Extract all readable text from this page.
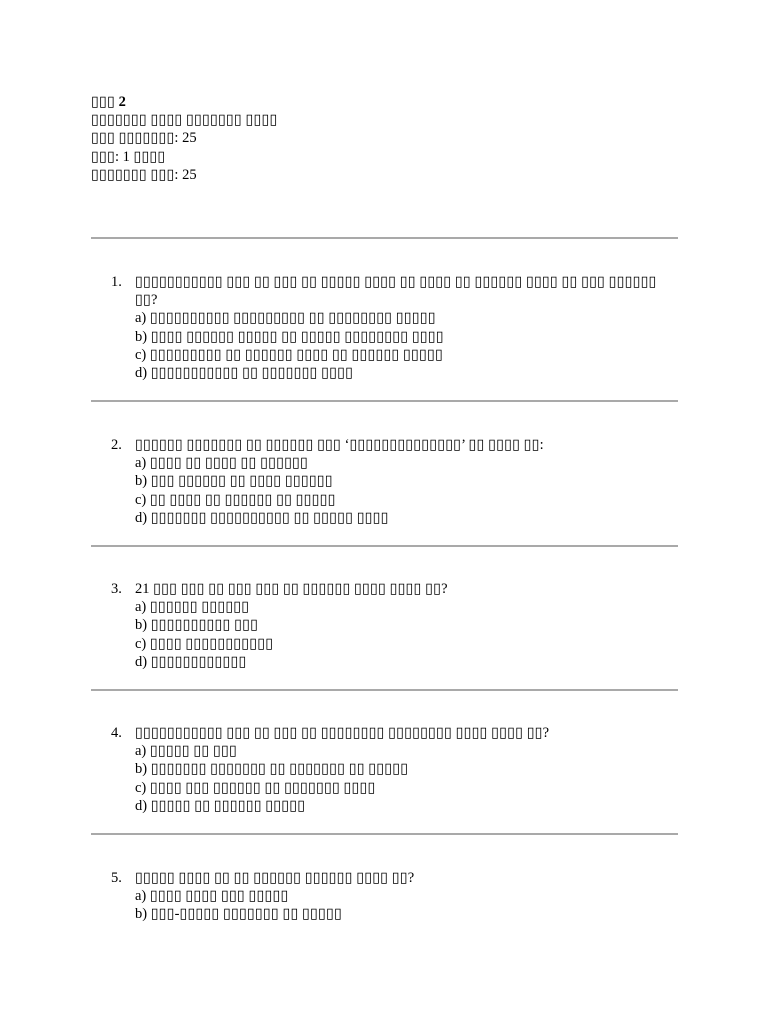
▯▯▯ 2
▯▯▯▯▯▯▯ ▯▯▯▯ ▯▯▯▯▯▯▯ ▯▯▯▯
▯▯▯ ▯▯▯▯▯▯▯: 25
▯▯▯: 1 ▯▯▯▯
▯▯▯▯▯▯▯ ▯▯▯: 25
1. ▯▯▯▯▯▯▯▯▯▯▯ ▯▯▯ ▯▯ ▯▯▯ ▯▯ ▯▯▯▯▯ ▯▯▯▯ ▯▯ ▯▯▯▯ ▯▯ ▯▯▯▯▯▯ ▯▯▯▯ ▯▯ ▯▯▯ ▯▯▯▯▯▯ ▯▯?
a) ▯▯▯▯▯▯▯▯▯▯ ▯▯▯▯▯▯▯▯▯ ▯▯ ▯▯▯▯▯▯▯▯ ▯▯▯▯▯
b) ▯▯▯▯ ▯▯▯▯▯▯ ▯▯▯▯▯ ▯▯ ▯▯▯▯▯ ▯▯▯▯▯▯▯▯ ▯▯▯▯
c) ▯▯▯▯▯▯▯▯▯ ▯▯ ▯▯▯▯▯▯ ▯▯▯▯ ▯▯ ▯▯▯▯▯▯ ▯▯▯▯▯
d) ▯▯▯▯▯▯▯▯▯▯▯ ▯▯ ▯▯▯▯▯▯▯ ▯▯▯▯
2. ▯▯▯▯▯▯ ▯▯▯▯▯▯▯ ▯▯ ▯▯▯▯▯▯ ▯▯▯ ‘▯▯▯▯▯▯▯▯▯▯▯▯▯▯’ ▯▯ ▯▯▯▯ ▯▯:
a) ▯▯▯▯ ▯▯ ▯▯▯▯ ▯▯ ▯▯▯▯▯▯
b) ▯▯▯ ▯▯▯▯▯▯ ▯▯ ▯▯▯▯ ▯▯▯▯▯▯
c) ▯▯ ▯▯▯▯ ▯▯ ▯▯▯▯▯▯ ▯▯ ▯▯▯▯▯
d) ▯▯▯▯▯▯▯ ▯▯▯▯▯▯▯▯▯▯ ▯▯ ▯▯▯▯▯ ▯▯▯▯
3. 21 ▯▯▯ ▯▯▯ ▯▯ ▯▯▯ ▯▯▯ ▯▯ ▯▯▯▯▯▯ ▯▯▯▯ ▯▯▯▯ ▯▯?
a) ▯▯▯▯▯▯ ▯▯▯▯▯▯
b) ▯▯▯▯▯▯▯▯▯▯ ▯▯▯
c) ▯▯▯▯ ▯▯▯▯▯▯▯▯▯▯▯
d) ▯▯▯▯▯▯▯▯▯▯▯▯
4. ▯▯▯▯▯▯▯▯▯▯▯ ▯▯▯ ▯▯ ▯▯▯ ▯▯ ▯▯▯▯▯▯▯▯ ▯▯▯▯▯▯▯▯ ▯▯▯▯ ▯▯▯▯ ▯▯?
a) ▯▯▯▯▯ ▯▯ ▯▯▯
b) ▯▯▯▯▯▯▯ ▯▯▯▯▯▯▯ ▯▯ ▯▯▯▯▯▯▯ ▯▯ ▯▯▯▯▯
c) ▯▯▯▯ ▯▯▯ ▯▯▯▯▯▯ ▯▯ ▯▯▯▯▯▯▯ ▯▯▯▯
d) ▯▯▯▯▯ ▯▯ ▯▯▯▯▯▯ ▯▯▯▯▯
5. ▯▯▯▯▯ ▯▯▯▯ ▯▯ ▯▯ ▯▯▯▯▯▯ ▯▯▯▯▯▯ ▯▯▯▯ ▯▯?
a) ▯▯▯▯ ▯▯▯▯ ▯▯▯ ▯▯▯▯▯
b) ▯▯▯-▯▯▯▯▯ ▯▯▯▯▯▯▯ ▯▯ ▯▯▯▯▯
